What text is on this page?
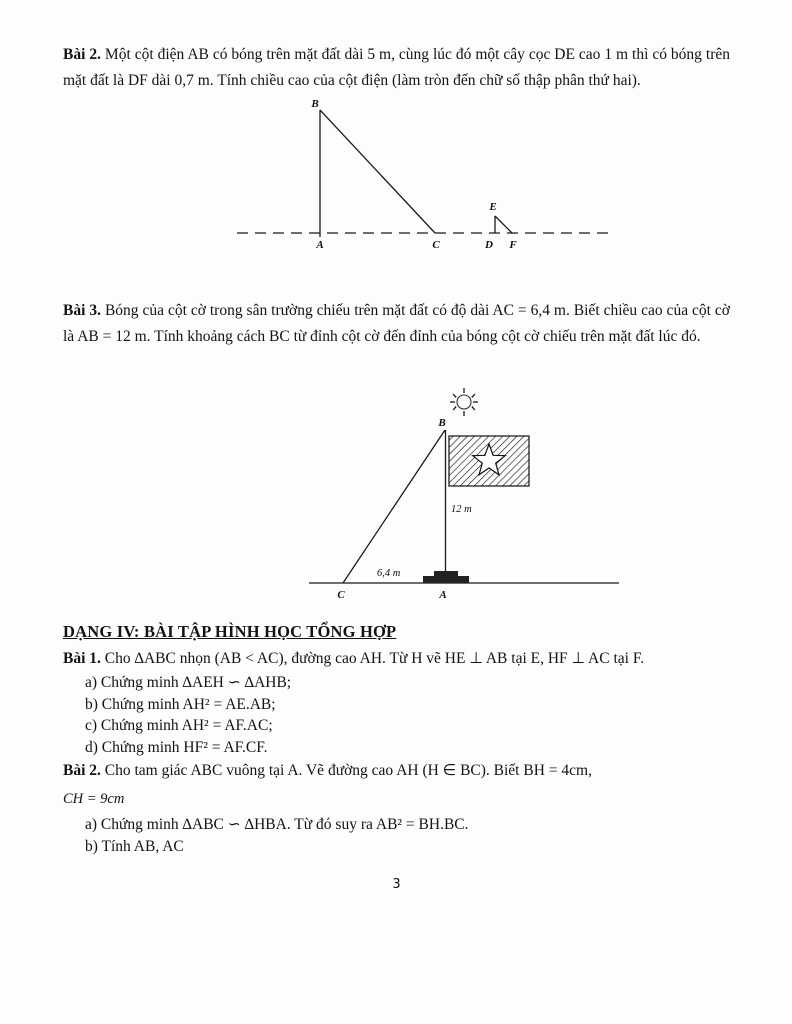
Bài 2. Một cột điện AB có bóng trên mặt đất dài 5 m, cùng lúc đó một cây cọc DE cao 1 m thì có bóng trên mặt đất là DF dài 0,7 m. Tính chiều cao của cột điện (làm tròn đến chữ số thập phân thứ hai).

B
A	C
E
D F

Bài 3. Bóng của cột cờ trong sân trường chiếu trên mặt đất có độ dài AC = 6,4 m. Biết chiều cao của cột cờ là AB = 12 m. Tính khoảng cách BC từ đỉnh cột cờ đến đỉnh của bóng cột cờ chiếu trên mặt đất lúc đó.

B
12 m
6,4 m
C	A
DẠNG IV: BÀI TẬP HÌNH HỌC TỔNG HỢP

Bài 1. Cho ∆ABC nhọn (AB < AC), đường cao AH. Từ H vẽ HE ⊥ AB tại E, HF ⊥ AC tại F.

a) Chứng minh ∆AEH ∽ ∆AHB;
b) Chứng minh AH² = AE.AB;
c) Chứng minh AH² = AF.AC;
d) Chứng minh HF² = AF.CF.

Bài 2. Cho tam giác ABC vuông tại A. Vẽ đường cao AH (H ∈ BC). Biết BH = 4cm,

CH = 9cm

a) Chứng minh ∆ABC ∽ ∆HBA. Từ đó suy ra AB² = BH.BC.
b) Tính AB, AC
3
